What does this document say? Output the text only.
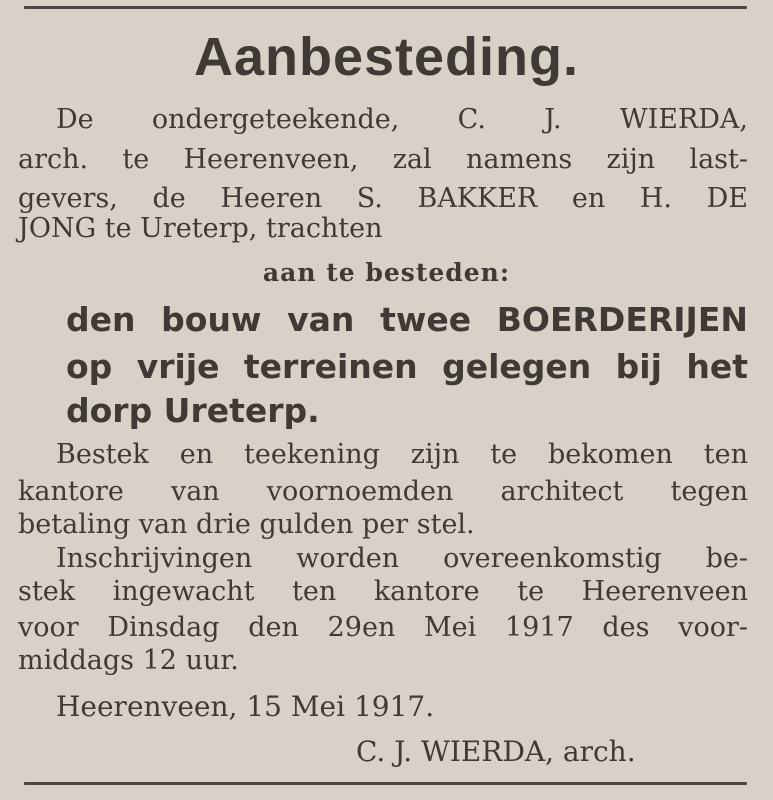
Aanbesteding.

De ondergeteekende, C. J. WIERDA,

arch. te Heerenveen, zal namens zijn last-

gevers, de Heeren S. BAKKER en H. DE

JONG te Ureterp, trachten

aan te besteden:

den bouw van twee BOERDERIJEN

op vrije terreinen gelegen bij het

dorp Ureterp.

Bestek en teekening zijn te bekomen ten

kantore van voornoemden architect tegen

betaling van drie gulden per stel.

Inschrijvingen worden overeenkomstig be-

stek ingewacht ten kantore te Heerenveen

voor Dinsdag den 29en Mei 1917 des voor-

middags 12 uur.

Heerenveen, 15 Mei 1917.

C. J. WIERDA, arch.
